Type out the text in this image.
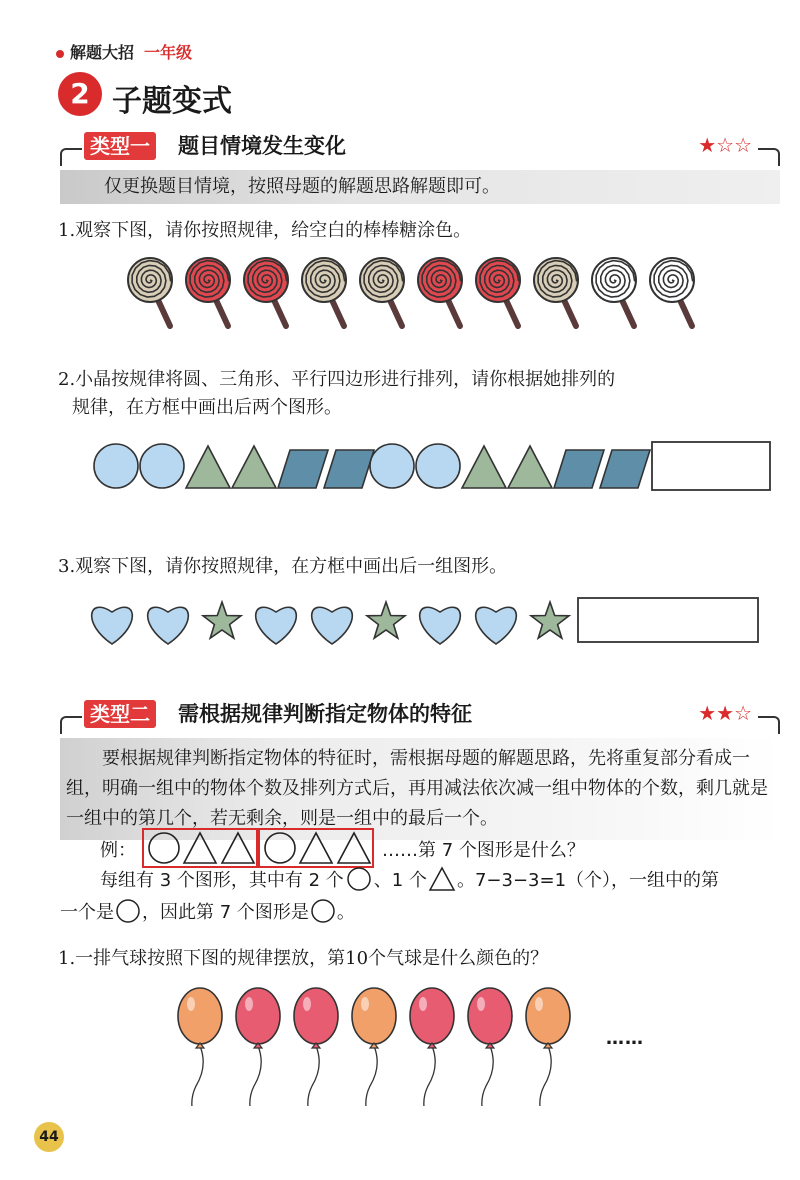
解题大招 一年级
2 子题变式
类型一 题目情境发生变化	★☆☆
仅更换题目情境，按照母题的解题思路解题即可。
1.观察下图，请你按照规律，给空白的棒棒糖涂色。
2.小晶按规律将圆、三角形、平行四边形进行排列，请你根据她排列的
规律，在方框中画出后两个图形。
3.观察下图，请你按照规律，在方框中画出后一组图形。
类型二 需根据规律判断指定物体的特征	★★☆

要根据规律判断指定物体的特征时，需根据母题的解题思路，先将重复部分看成一组，明确一组中的物体个数及排列方式后，再用减法依次减一组中物体的个数，剩几就是一组中的第几个，若无剩余，则是一组中的最后一个。

例：	……第 7 个图形是什么？
每组有 3 个图形，其中有 2 个 、1 个 。7−3−3=1（个），一组中的第
一个是 ，因此第 7 个图形是 。
1.一排气球按照下图的规律摆放，第10个气球是什么颜色的？
……
44
